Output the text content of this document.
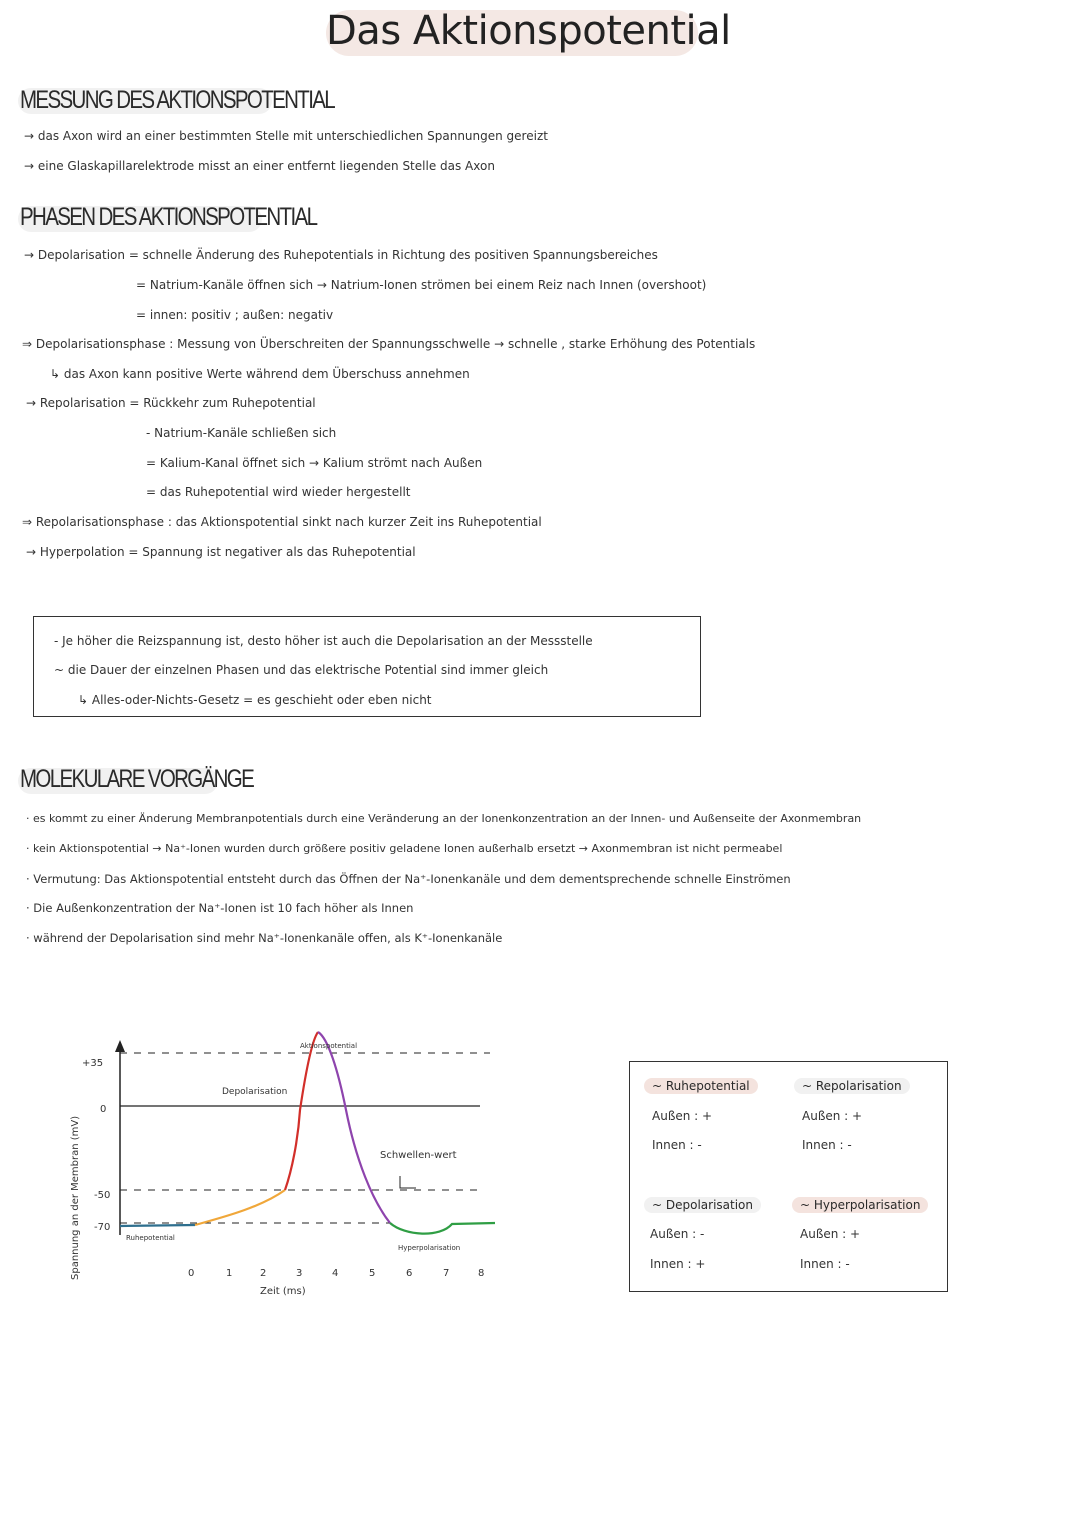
Das Aktionspotential
MESSUNG DES AKTIONSPOTENTIAL
→ das Axon wird an einer bestimmten Stelle mit unterschiedlichen Spannungen gereizt
→ eine Glaskapillarelektrode misst an einer entfernt liegenden Stelle das Axon
PHASEN DES AKTIONSPOTENTIAL
→ Depolarisation = schnelle Änderung des Ruhepotentials in Richtung des positiven Spannungsbereiches
= Natrium-Kanäle öffnen sich → Natrium-Ionen strömen bei einem Reiz nach Innen (overshoot)
= innen: positiv ; außen: negativ
⇒ Depolarisationsphase : Messung von Überschreiten der Spannungsschwelle → schnelle , starke Erhöhung des Potentials
↳ das Axon kann positive Werte während dem Überschuss annehmen
→ Repolarisation = Rückkehr zum Ruhepotential
- Natrium-Kanäle schließen sich
= Kalium-Kanal öffnet sich → Kalium strömt nach Außen
= das Ruhepotential wird wieder hergestellt
⇒ Repolarisationsphase : das Aktionspotential sinkt nach kurzer Zeit ins Ruhepotential
→ Hyperpolation = Spannung ist negativer als das Ruhepotential
- Je höher die Reizspannung ist, desto höher ist auch die Depolarisation an der Messstelle
~ die Dauer der einzelnen Phasen und das elektrische Potential sind immer gleich
↳ Alles-oder-Nichts-Gesetz = es geschieht oder eben nicht
MOLEKULARE VORGÄNGE
· es kommt zu einer Änderung Membranpotentials durch eine Veränderung an der Ionenkonzentration an der Innen- und Außenseite der Axonmembran
· kein Aktionspotential → Na⁺-Ionen wurden durch größere positiv geladene Ionen außerhalb ersetzt → Axonmembran ist nicht permeabel
· Vermutung: Das Aktionspotential entsteht durch das Öffnen der Na⁺-Ionenkanäle und dem dementsprechende schnelle Einströmen
· Die Außenkonzentration der Na⁺-Ionen ist 10 fach höher als Innen
· während der Depolarisation sind mehr Na⁺-Ionenkanäle offen, als K⁺-Ionenkanäle
Spannung an der Membran (mV)
+35
0
-50
-70
0	1	2	3	4	5	6	7	8
Zeit (ms)
Aktionspotential
Depolarisation
Schwellen-wert
Ruhepotential
Hyperpolarisation
~ Ruhepotential
Außen : +
Innen : -
~ Repolarisation
Außen : +
Innen : -
~ Depolarisation
Außen : -
Innen : +
~ Hyperpolarisation
Außen : +
Innen : -
